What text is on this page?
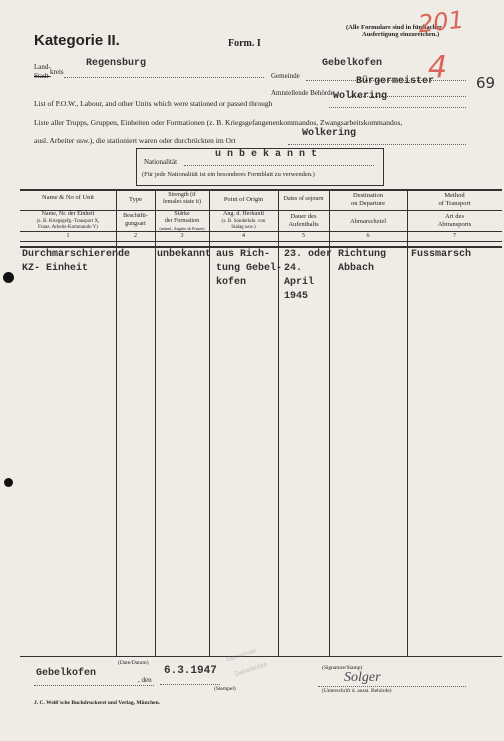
Kategorie II.	Form. I
(Alle Formulare sind in fünffacher
Ausfertigung einzureichen.)
201
4 69
Land-
kreis
Stadt-
Regensburg
Gemeinde
Gebelkofen
Amtstellende Behörde
Bürgermeister
List of P.O.W., Labour, and other Units which were stationed or passed through
Wolkering
Liste aller Trupps, Gruppen, Einheiten oder Formationen (z. B. Kriegsgefangenenkommandos, Zwangsarbeitskommandos,
ausl. Arbeiter usw.), die stationiert waren oder durchrückten im Ort
Wolkering
Nationalität
u n b e k a n n t
(Für jede Nationalität ist ein besonderes Formblatt zu verwenden.)
Name & No of Unit
Name, Nr. der Einheit
(z. B. Kriegsgefg.-Transport X,
Franz. Arbeits-Kommando Y)
1
Type
Beschäfti-
gungsart
2
Strength (if
females state it)
Stärke
der Formation
(männl., Angabe ob Frauen)
3
Point of Origin
Ang. d. Herkunft
(z. B. Sonderkdo. von
Stalag usw.)
4
Dates of sojourn
Dauer des
Aufenthalts
5
Destination
on Departure
Abmarschziel
6
Method
of Transport
Art des
Abtransports
7
Durchmarschierende
KZ- Einheit
unbekannt aus Rich-
tung Gebel-
kofen
23. oder
24.
April
1945
Richtung
Abbach
Fussmarsch
Gebelkofen
(Date/Datum)
, den
6.3.1947
(Stempel)
Gemeinde
Gebelkofen	(Signature/Stamp)
Solger
(Unterschrift d. ausst. Behörde)
J. C. Weiß'sche Buchdruckerei und Verlag, München.
